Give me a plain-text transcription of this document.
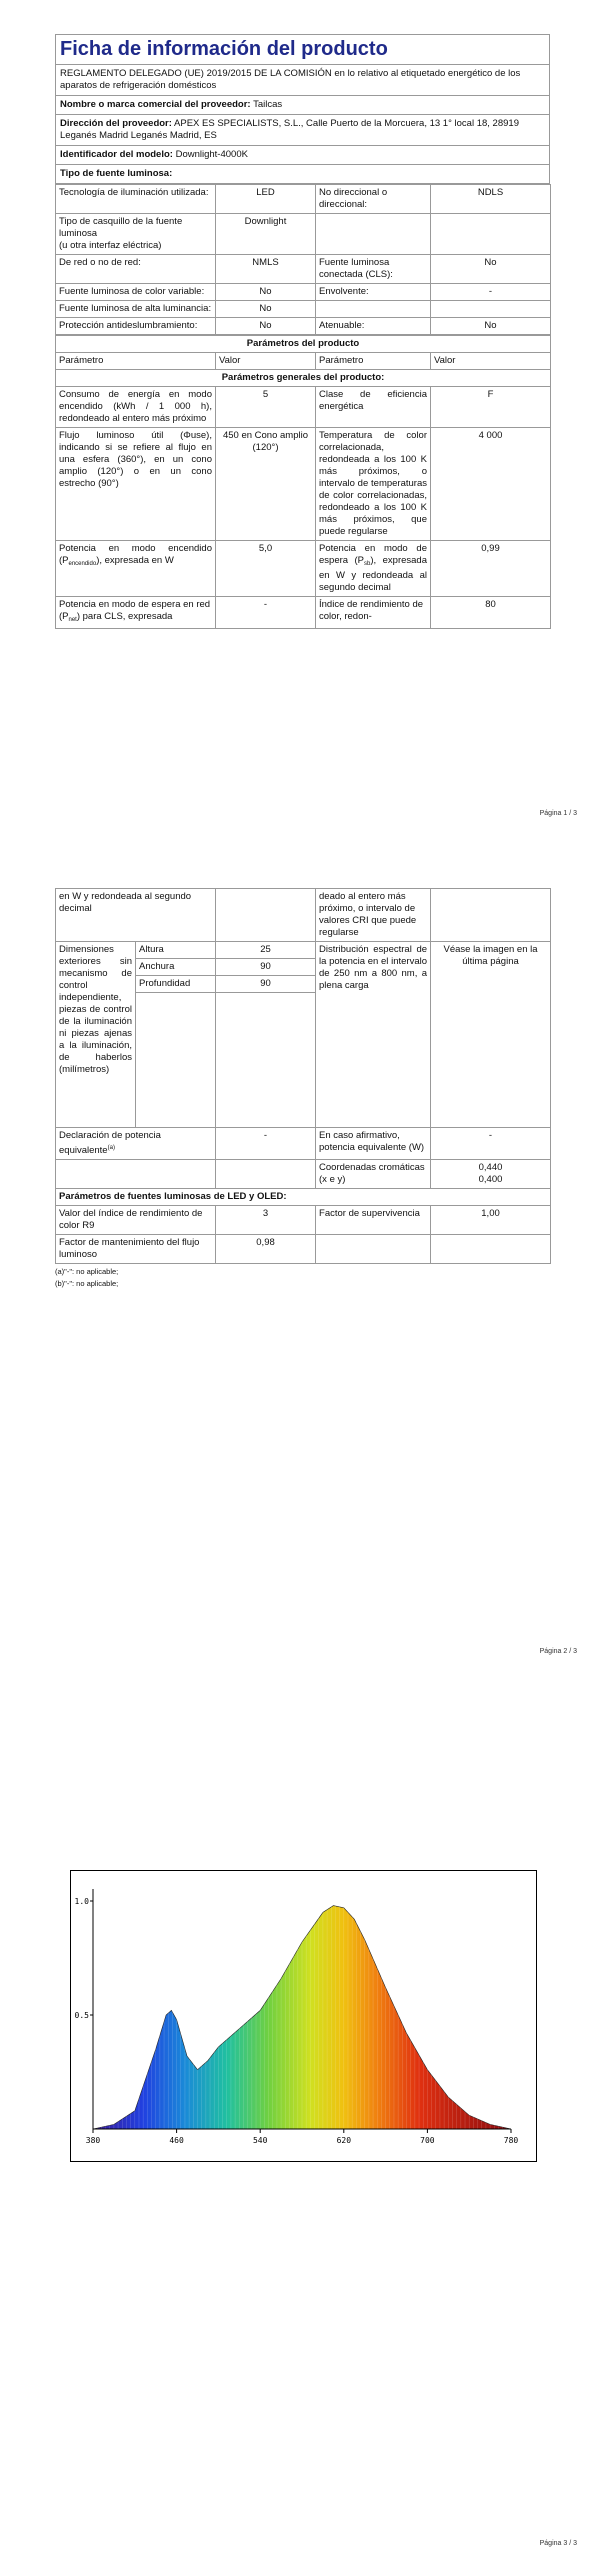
Ficha de información del producto
REGLAMENTO DELEGADO (UE) 2019/2015 DE LA COMISIÓN en lo relativo al etiquetado energético de los aparatos de refrigeración domésticos
Nombre o marca comercial del proveedor: Tailcas
Dirección del proveedor: APEX ES SPECIALISTS, S.L., Calle Puerto de la Morcuera, 13 1° local 18, 28919 Leganés Madrid Leganés Madrid, ES
Identificador del modelo: Downlight-4000K
Tipo de fuente luminosa:
Tecnología de iluminación utilizada:	LED	No direccional o direccional:	NDLS
Tipo de casquillo de la fuente luminosa
(u otra interfaz eléctrica)	Downlight		
De red o no de red:	NMLS	Fuente luminosa conectada (CLS):	No
Fuente luminosa de color variable:	No	Envolvente:	-
Fuente luminosa de alta luminancia:	No		
Protección antideslumbramiento:	No	Atenuable:	No
Parámetros del producto			
Parámetro	Valor	Parámetro	Valor
Parámetros generales del producto:			
Consumo de energía en modo encendido (kWh / 1 000 h), redondeado al entero más próximo	5	Clase de eficiencia energética	F
Flujo luminoso útil (Φuse), indicando si se refiere al flujo en una esfera (360°), en un cono amplio (120°) o en un cono estrecho (90°)	450 en Cono amplio (120°)	Temperatura de color correlacionada, redondeada a los 100 K más próximos, o intervalo de temperaturas de color correlacionadas, redondeado a los 100 K más próximos, que puede regularse	4 000
Potencia en modo encendido $(P_{encendido})$, expresada en W	5,0	Potencia en modo de espera $(P_{sb})$, expresada en W y redondeada al segundo decimal	0,99
Potencia en modo de espera en red $(P_{net})$ para CLS, expresada	-	Índice de rendimiento de color, redon-	80
Página 1 / 3
en W y redondeada al segundo decimal			deado al entero más próximo, o intervalo de valores CRI que puede regularse	
Dimensiones exteriores sin mecanismo de control independiente, piezas de control de la iluminación ni piezas ajenas a la iluminación, de haberlos (milímetros)	Altura	25	Distribución espectral de la potencia en el intervalo de 250 nm a 800 nm, a plena carga	Véase la imagen en la última página
	Anchura	90		
	Profundidad	90		

Declaración de potencia equivalente$^{(a)}$		-	En caso afirmativo, potencia equivalente (W)	-
			Coordenadas cromáticas (x e y)	0,440
0,400

Parámetros de fuentes luminosas de LED y OLED:				
Valor del índice de rendimiento de color R9		3	Factor de supervivencia	1,00
Factor de mantenimiento del flujo luminoso		0,98		
(a)"-": no aplicable;
(b)"-": no aplicable;
Página 2 / 3
380	460	540	620	700	780
1.0
0.5
Página 3 / 3
